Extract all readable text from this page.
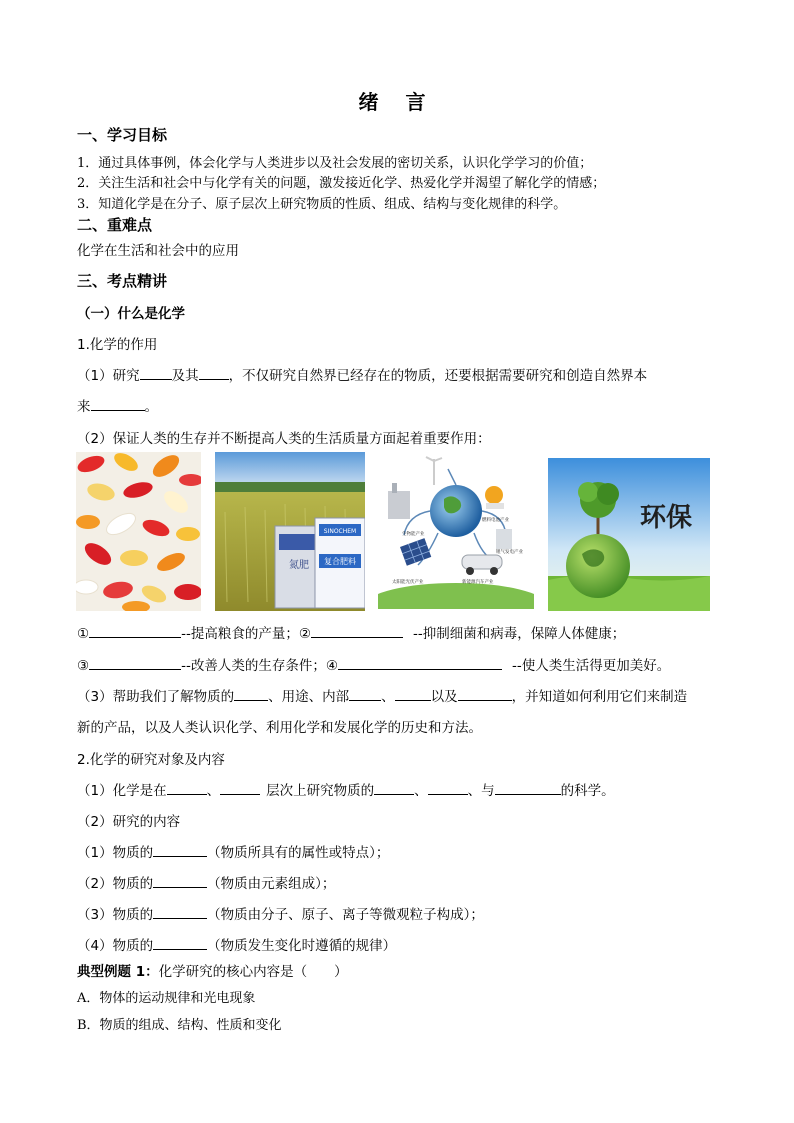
绪 言
一、学习目标
1．通过具体事例，体会化学与人类进步以及社会发展的密切关系，认识化学学习的价值；
2．关注生活和社会中与化学有关的问题，激发接近化学、热爱化学并渴望了解化学的情感；
3．知道化学是在分子、原子层次上研究物质的性质、组成、结构与变化规律的科学。
二、重难点
化学在生活和社会中的应用
三、考点精讲
（一）什么是化学
1.化学的作用
（1）研究 及其 ，不仅研究自然界已经存在的物质，还要根据需要研究和创造自然界本
来	。
（2）保证人类的生存并不断提高人类的生活质量方面起着重要作用：
氮肥
SINOCHEM
复合肥料
生物能产业
燃料电池产业
锂气发电产业
太阳能光伏产业	新能源汽车产业
环保
①	--提高粮食的产量；②	--抑制细菌和病毒，保障人体健康；
③	--改善人类的生存条件；④	--使人类生活得更加美好。
（3）帮助我们了解物质的	、用途、内部 、	以及	，并知道如何利用它们来制造
新的产品，以及人类认识化学、利用化学和发展化学的历史和方法。
2.化学的研究对象及内容
（1）化学是在	、	层次上研究物质的	、	、与	的科学。
（2）研究的内容
（1）物质的	（物质所具有的属性或特点）；
（2）物质的	（物质由元素组成）；
（3）物质的	（物质由分子、原子、离子等微观粒子构成）；
（4）物质的	（物质发生变化时遵循的规律）
典型例题 1：化学研究的核心内容是（　　）
A．物体的运动规律和光电现象
B．物质的组成、结构、性质和变化
